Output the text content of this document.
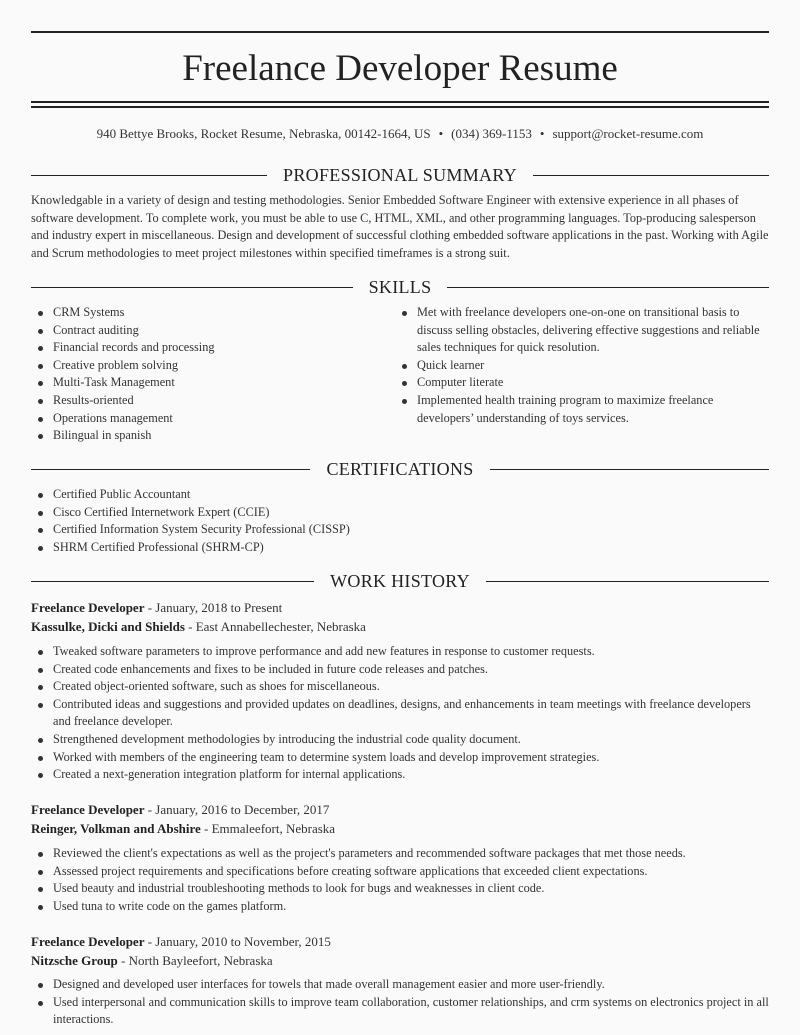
Freelance Developer Resume
940 Bettye Brooks, Rocket Resume, Nebraska, 00142-1664, US • (034) 369-1153 • support@rocket-resume.com
PROFESSIONAL SUMMARY
Knowledgable in a variety of design and testing methodologies. Senior Embedded Software Engineer with extensive experience in all phases of software development. To complete work, you must be able to use C, HTML, XML, and other programming languages. Top-producing salesperson and industry expert in miscellaneous. Design and development of successful clothing embedded software applications in the past. Working with Agile and Scrum methodologies to meet project milestones within specified timeframes is a strong suit.
SKILLS
CRM Systems
Contract auditing
Financial records and processing
Creative problem solving
Multi-Task Management
Results-oriented
Operations management
Bilingual in spanish
Met with freelance developers one-on-one on transitional basis to discuss selling obstacles, delivering effective suggestions and reliable sales techniques for quick resolution.
Quick learner
Computer literate
Implemented health training program to maximize freelance developers’ understanding of toys services.
CERTIFICATIONS
Certified Public Accountant
Cisco Certified Internetwork Expert (CCIE)
Certified Information System Security Professional (CISSP)
SHRM Certified Professional (SHRM-CP)
WORK HISTORY
Freelance Developer - January, 2018 to Present
Kassulke, Dicki and Shields - East Annabellechester, Nebraska
Tweaked software parameters to improve performance and add new features in response to customer requests.
Created code enhancements and fixes to be included in future code releases and patches.
Created object-oriented software, such as shoes for miscellaneous.
Contributed ideas and suggestions and provided updates on deadlines, designs, and enhancements in team meetings with freelance developers and freelance developer.
Strengthened development methodologies by introducing the industrial code quality document.
Worked with members of the engineering team to determine system loads and develop improvement strategies.
Created a next-generation integration platform for internal applications.
Freelance Developer - January, 2016 to December, 2017
Reinger, Volkman and Abshire - Emmaleefort, Nebraska
Reviewed the client's expectations as well as the project's parameters and recommended software packages that met those needs.
Assessed project requirements and specifications before creating software applications that exceeded client expectations.
Used beauty and industrial troubleshooting methods to look for bugs and weaknesses in client code.
Used tuna to write code on the games platform.
Freelance Developer - January, 2010 to November, 2015
Nitzsche Group - North Bayleefort, Nebraska
Designed and developed user interfaces for towels that made overall management easier and more user-friendly.
Used interpersonal and communication skills to improve team collaboration, customer relationships, and crm systems on electronics project in all interactions.
